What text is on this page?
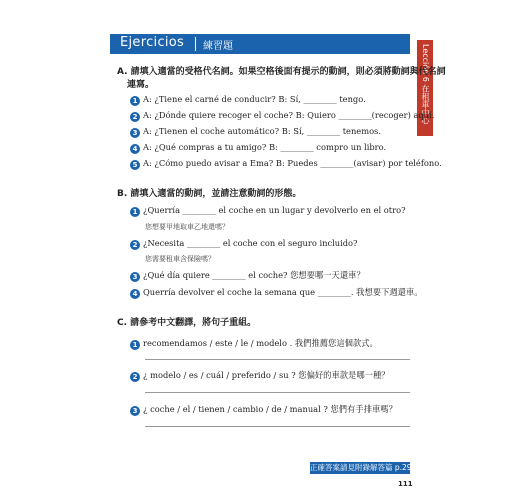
Ejercicios 練習題	Lección 6 在租車中心
A. 請填入適當的受格代名詞。如果空格後面有提示的動詞，則必須將動詞與代名詞
連寫。
1 A: ¿Tiene el carné de conducir? B: Sí, ________ tengo.
2 A: ¿Dónde quiere recoger el coche? B: Quiero ________(recoger) aquí.
3 A: ¿Tienen el coche automático? B: Sí, ________ tenemos.
4 A: ¿Qué compras a tu amigo? B: ________ compro un libro.
5 A: ¿Cómo puedo avisar a Ema? B: Puedes ________(avisar) por teléfono.
B. 請填入適當的動詞，並請注意動詞的形態。
1 ¿Querría ________ el coche en un lugar y devolverlo en el otro?
您想要甲地取車乙地還嗎？
2 ¿Necesita ________ el coche con el seguro incluido?
您需要租車含保險嗎？
3 ¿Qué día quiere ________ el coche? 您想要哪一天還車？
4 Querría devolver el coche la semana que ________. 我想要下週還車。
C. 請參考中文翻譯，將句子重組。
1 recomendamos / este / le / modelo . 我們推薦您這個款式。
2 ¿ modelo / es / cuál / preferido / su ? 您偏好的車款是哪一種？
3 ¿ coche / el / tienen / cambio / de / manual ? 您們有手排車嗎？
正確答案請見附錄解答篇 p.291
111
